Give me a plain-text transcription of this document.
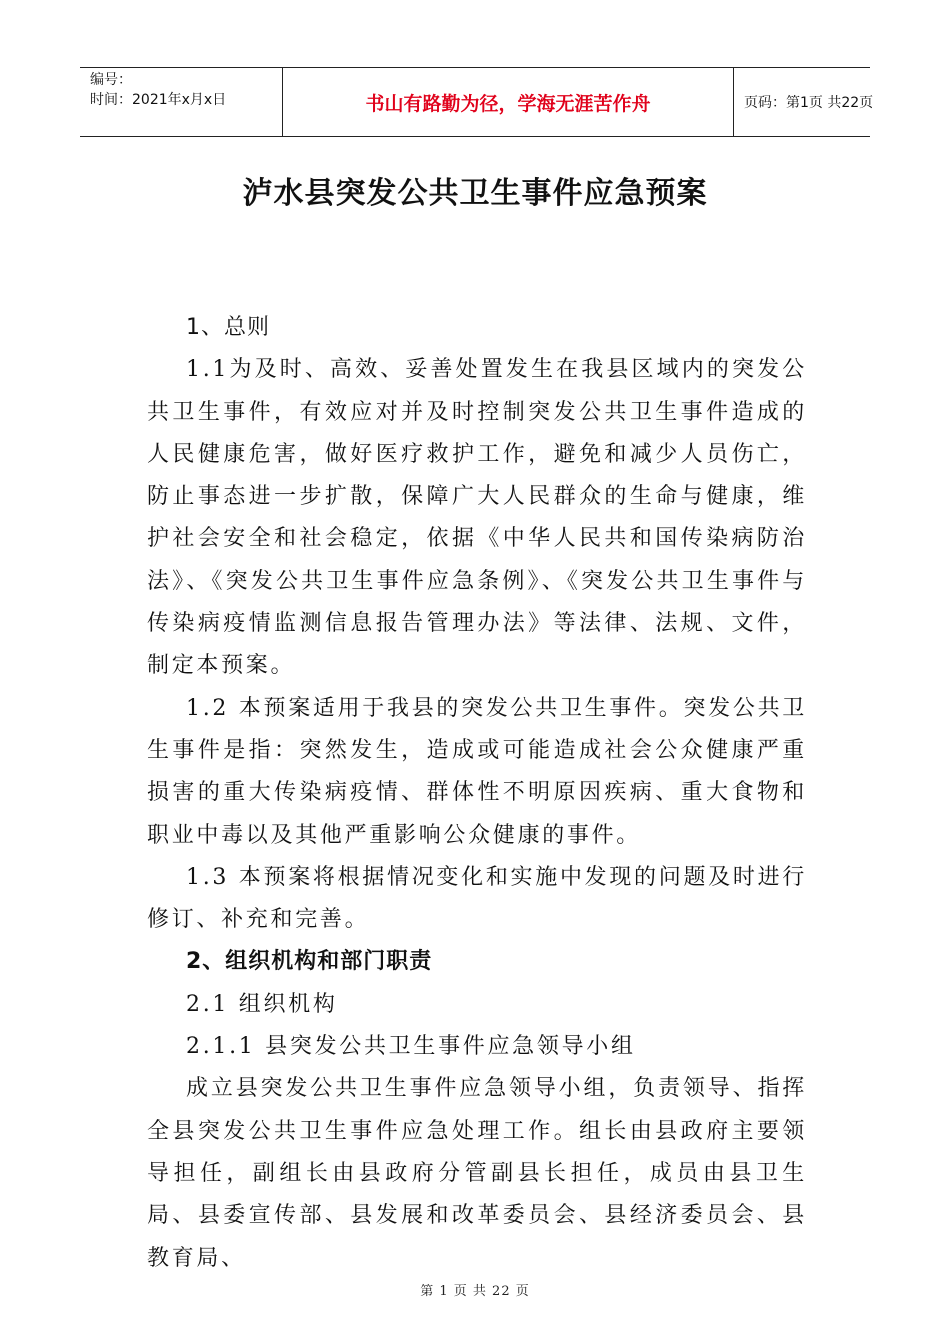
编号：
时间：2021年x月x日	书山有路勤为径，学海无涯苦作舟	页码：第1页 共22页
泸水县突发公共卫生事件应急预案

1、总则

1.1为及时、高效、妥善处置发生在我县区域内的突发公共卫生事件，有效应对并及时控制突发公共卫生事件造成的人民健康危害，做好医疗救护工作，避免和减少人员伤亡，防止事态进一步扩散，保障广大人民群众的生命与健康，维护社会安全和社会稳定，依据《中华人民共和国传染病防治法》、《突发公共卫生事件应急条例》、《突发公共卫生事件与传染病疫情监测信息报告管理办法》等法律、法规、文件，制定本预案。

1.2 本预案适用于我县的突发公共卫生事件。突发公共卫生事件是指：突然发生，造成或可能造成社会公众健康严重损害的重大传染病疫情、群体性不明原因疾病、重大食物和职业中毒以及其他严重影响公众健康的事件。

1.3 本预案将根据情况变化和实施中发现的问题及时进行修订、补充和完善。

2、组织机构和部门职责

2.1 组织机构

2.1.1 县突发公共卫生事件应急领导小组

成立县突发公共卫生事件应急领导小组，负责领导、指挥全县突发公共卫生事件应急处理工作。组长由县政府主要领导担任，副组长由县政府分管副县长担任，成员由县卫生局、县委宣传部、县发展和改革委员会、县经济委员会、县教育局、

第 1 页 共 22 页
